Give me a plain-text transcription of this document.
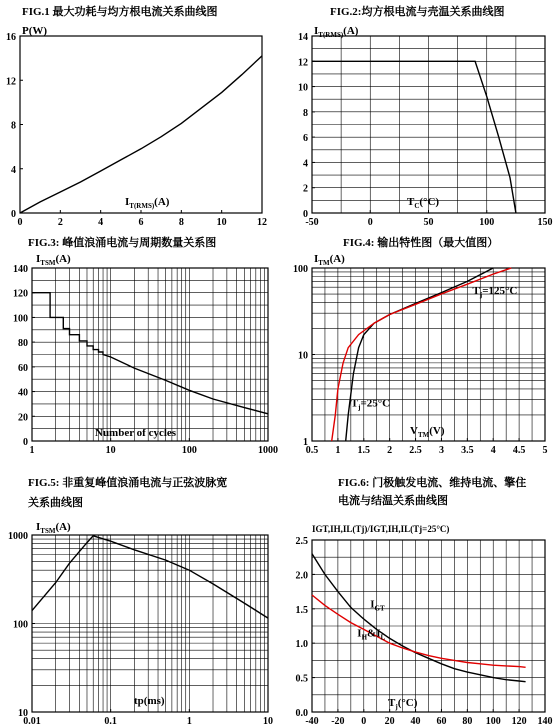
FIG.1 最大功耗与均方根电流关系曲线图
0	2	4	6	8	10	12
0
4
8
12
16
$I_{T(RMS)}(A)$
P(W)
FIG.2:均方根电流与壳温关系曲线图
-50	0	50	100	150
0
2
4
6
8
10
12
14
$T_C(^\circ C)$
$I_{T(RMS)}(A)$
FIG.3: 峰值浪涌电流与周期数量关系图
1	10	100	1000
0
20
40
60
80
100
120
140
Number of cycles
$I_{TSM}(A)$
FIG.4: 输出特性图（最大值图）
0.5 1 1.5 2 2.5 3 3.5 4 4.5 5
1
10
100
$V_{TM}(V)$
$I_{TM}(A)$
$T_j=125^\circ C$
$T_j=25^\circ C$
FIG.5: 非重复峰值浪涌电流与正弦波脉宽
关系曲线图
0.01	0.1	1	10
10
100
1000
tp(ms)
$I_{TSM}(A)$
FIG.6: 门极触发电流、维持电流、擎住
电流与结温关系曲线图
-40 -20 0 20 40 60 80 100 120 140
0.0
0.5
1.0
1.5
2.0
2.5
$T_j(^\circ C)$
IGT,IH,IL(Tj)/IGT,IH,IL(Tj=25°C)
$I_{GT}$
$I_H\&I_L$
